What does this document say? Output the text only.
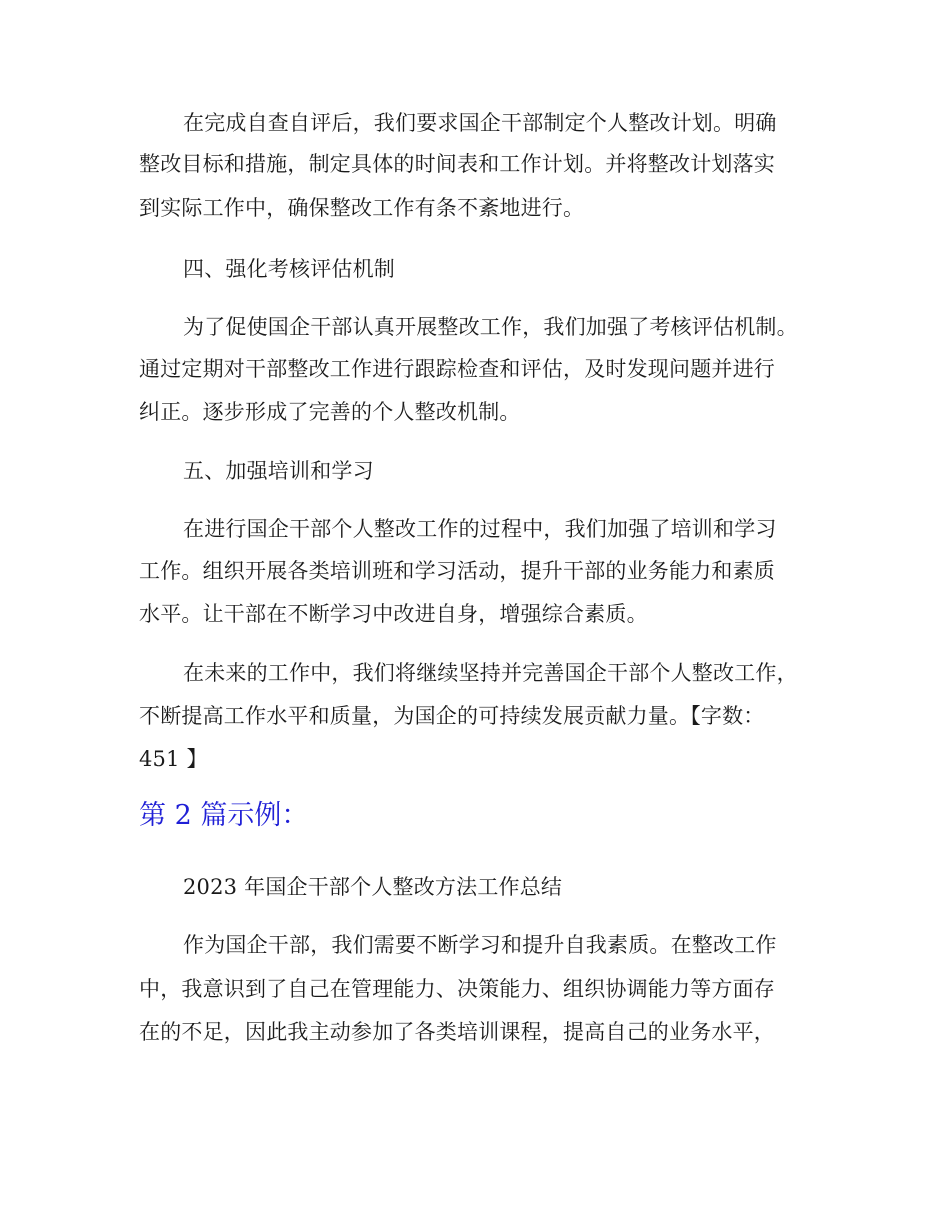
在完成自查自评后，我们要求国企干部制定个人整改计划。明确
整改目标和措施，制定具体的时间表和工作计划。并将整改计划落实
到实际工作中，确保整改工作有条不紊地进行。
四、强化考核评估机制
为了促使国企干部认真开展整改工作，我们加强了考核评估机制。
通过定期对干部整改工作进行跟踪检查和评估，及时发现问题并进行
纠正。逐步形成了完善的个人整改机制。
五、加强培训和学习
在进行国企干部个人整改工作的过程中，我们加强了培训和学习
工作。组织开展各类培训班和学习活动，提升干部的业务能力和素质
水平。让干部在不断学习中改进自身，增强综合素质。
在未来的工作中，我们将继续坚持并完善国企干部个人整改工作，
不断提高工作水平和质量，为国企的可持续发展贡献力量。【字数：
451 】
第 2 篇示例：
2023 年国企干部个人整改方法工作总结
作为国企干部，我们需要不断学习和提升自我素质。在整改工作
中，我意识到了自己在管理能力、决策能力、组织协调能力等方面存
在的不足，因此我主动参加了各类培训课程，提高自己的业务水平，
